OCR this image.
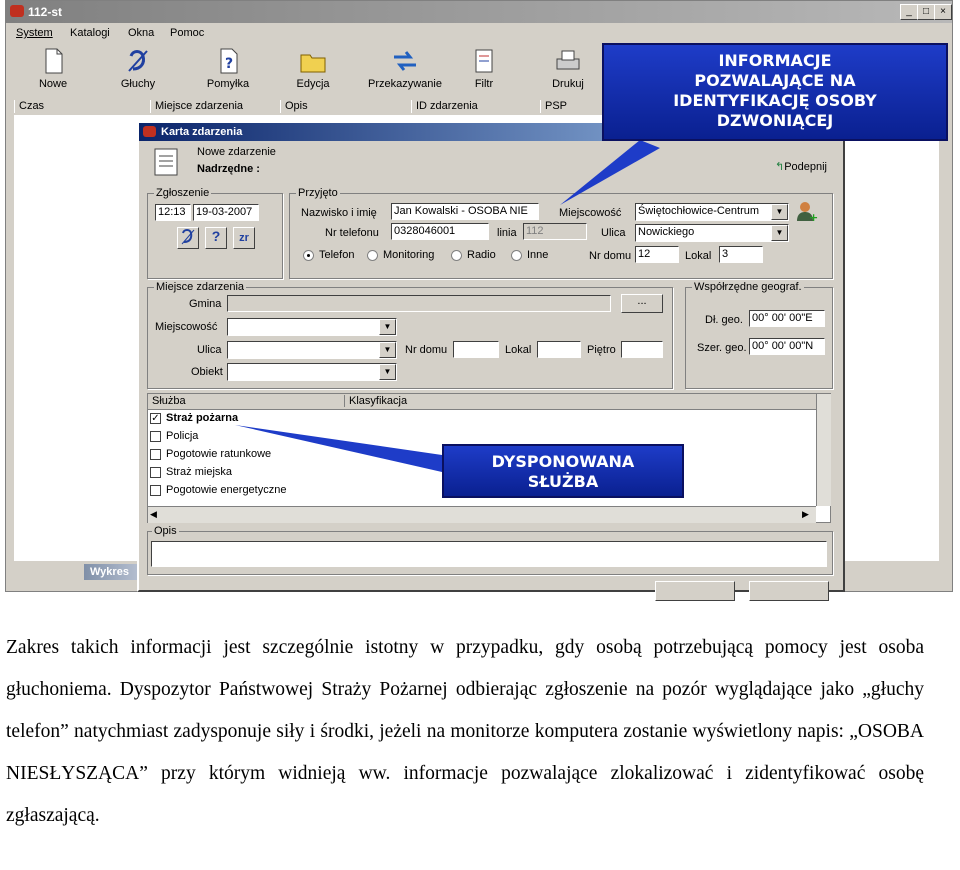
112-st	_	□	×
System Katalogi Okna Pomoc
Nowe	Głuchy
?
Pomyłka	Edycja	Przekazywanie	Filtr	Drukuj
Czas	Miejsce zdarzenia	Opis	ID zdarzenia	PSP
Wykres
Karta zdarzenia
Nowe zdarzenie
Nadrzędne :	↰Podepnij
Zgłoszenie
12:13 19-03-2007
?	zr
Przyjęto
Nazwisko i imię Jan Kowalski - OSOBA NIE
Nr telefonu 0328046001	linia 112
Miejscowość Świętochłowice-Centrum	▼	+
Ulica Nowickiego	▼
Nr domu 12	Lokal 3
Telefon	Monitoring	Radio	Inne
Miejsce zdarzenia
Gmina	...
Miejscowość	▼
Ulica	▼
Obiekt	▼
Nr domu	Lokal	Piętro
Współrzędne geograf.
Dł. geo. 00° 00' 00"E
Szer. geo. 00° 00' 00"N
Służba	Klasyfikacja
✓ Straż pożarna
Policja
Pogotowie ratunkowe
Straż miejska
Pogotowie energetyczne
◀	▶
Opis
INFORMACJE
POZWALAJĄCE NA
IDENTYFIKACJĘ OSOBY
DZWONIĄCEJ
DYSPONOWANA
SŁUŻBA
Zakres takich informacji jest szczególnie istotny w przypadku, gdy osobą potrzebującą pomocy jest osoba głuchoniema. Dyspozytor Państwowej Straży Pożarnej odbierając zgłoszenie na pozór wyglądające jako „głuchy telefon” natychmiast zadysponuje siły i środki, jeżeli na monitorze komputera zostanie wyświetlony napis: „OSOBA NIESŁYSZĄCA” przy którym widnieją ww. informacje pozwalające zlokalizować i zidentyfikować osobę zgłaszającą.
